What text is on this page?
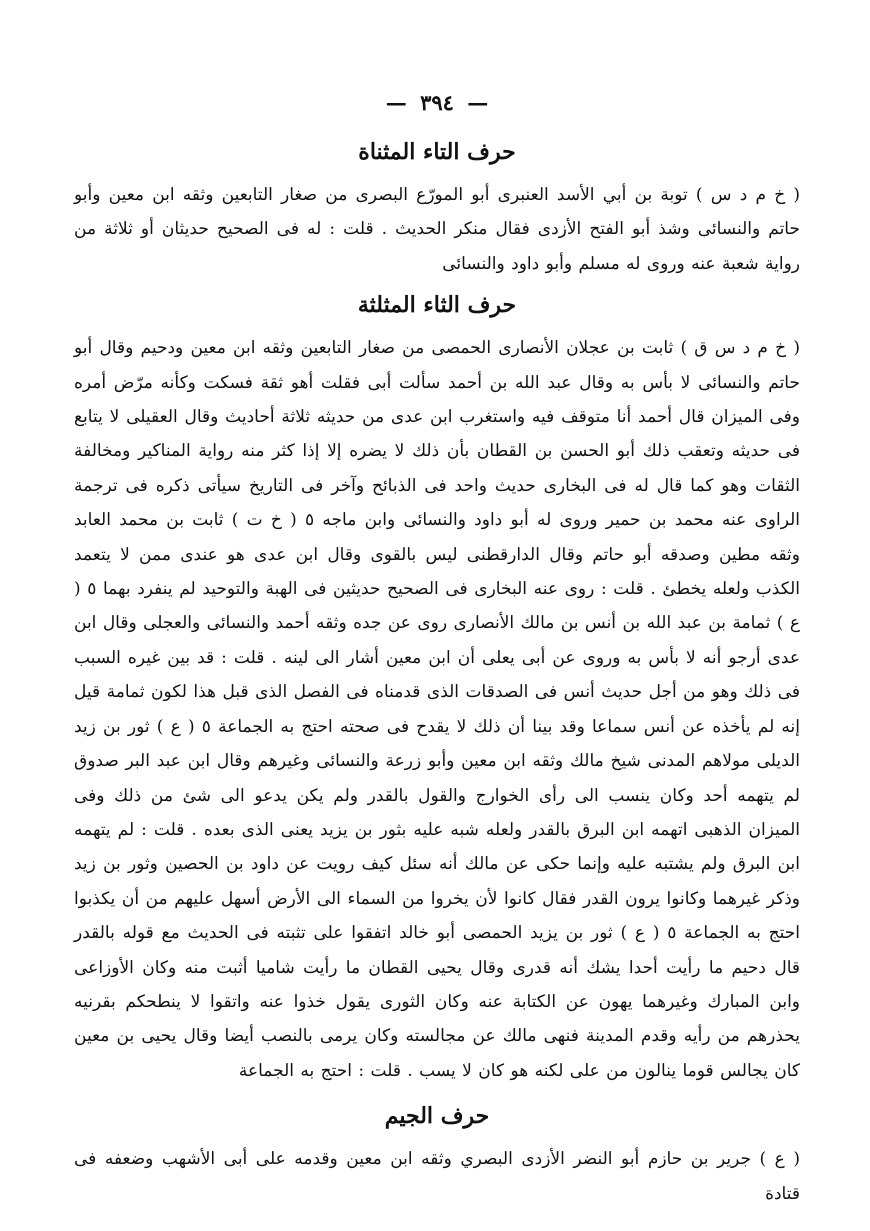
— ٣٩٤ —
حرف التاء المثناة

( خ م د س ) توبة بن أبي الأسد العنبرى أبو المورّع البصرى من صغار التابعين وثقه ابن معين وأبو حاتم والنسائى وشذ أبو الفتح الأزدى فقال منكر الحديث . قلت : له فى الصحيح حديثان أو ثلاثة من رواية شعبة عنه وروى له مسلم وأبو داود والنسائى

حرف الثاء المثلثة

( خ م د س ق ) ثابت بن عجلان الأنصارى الحمصى من صغار التابعين وثقه ابن معين ودحيم وقال أبو حاتم والنسائى لا بأس به وقال عبد الله بن أحمد سألت أبى فقلت أهو ثقة فسكت وكأنه مرّض أمره وفى الميزان قال أحمد أنا متوقف فيه واستغرب ابن عدى من حديثه ثلاثة أحاديث وقال العقيلى لا يتابع فى حديثه وتعقب ذلك أبو الحسن بن القطان بأن ذلك لا يضره إلا إذا كثر منه رواية المناكير ومخالفة الثقات وهو كما قال له فى البخارى حديث واحد فى الذبائح وآخر فى التاريخ سيأتى ذكره فى ترجمة الراوى عنه محمد بن حمير وروى له أبو داود والنسائى وابن ماجه ٥ ( خ ت ) ثابت بن محمد العابد وثقه مطين وصدقه أبو حاتم وقال الدارقطنى ليس بالقوى وقال ابن عدى هو عندى ممن لا يتعمد الكذب ولعله يخطئ . قلت : روى عنه البخارى فى الصحيح حديثين فى الهبة والتوحيد لم ينفرد بهما ٥ ( ع ) ثمامة بن عبد الله بن أنس بن مالك الأنصارى روى عن جده وثقه أحمد والنسائى والعجلى وقال ابن عدى أرجو أنه لا بأس به وروى عن أبى يعلى أن ابن معين أشار الى لينه . قلت : قد بين غيره السبب فى ذلك وهو من أجل حديث أنس فى الصدقات الذى قدمناه فى الفصل الذى قبل هذا لكون ثمامة قيل إنه لم يأخذه عن أنس سماعا وقد بينا أن ذلك لا يقدح فى صحته احتج به الجماعة ٥ ( ع ) ثور بن زيد الديلى مولاهم المدنى شيخ مالك وثقه ابن معين وأبو زرعة والنسائى وغيرهم وقال ابن عبد البر صدوق لم يتهمه أحد وكان ينسب الى رأى الخوارج والقول بالقدر ولم يكن يدعو الى شئ من ذلك وفى الميزان الذهبى اتهمه ابن البرق بالقدر ولعله شبه عليه بثور بن يزيد يعنى الذى بعده . قلت : لم يتهمه ابن البرق ولم يشتبه عليه وإنما حكى عن مالك أنه سئل كيف رويت عن داود بن الحصين وثور بن زيد وذكر غيرهما وكانوا يرون القدر فقال كانوا لأن يخروا من السماء الى الأرض أسهل عليهم من أن يكذبوا احتج به الجماعة ٥ ( ع ) ثور بن يزيد الحمصى أبو خالد اتفقوا على تثبته فى الحديث مع قوله بالقدر قال دحيم ما رأيت أحدا يشك أنه قدرى وقال يحيى القطان ما رأيت شاميا أثبت منه وكان الأوزاعى وابن المبارك وغيرهما يهون عن الكتابة عنه وكان الثورى يقول خذوا عنه واتقوا لا ينطحكم بقرنيه يحذرهم من رأيه وقدم المدينة فنهى مالك عن مجالسته وكان يرمى بالنصب أيضا وقال يحيى بن معين كان يجالس قوما ينالون من على لكنه هو كان لا يسب . قلت : احتج به الجماعة

حرف الجيم

( ع ) جرير بن حازم أبو النضر الأزدى البصري وثقه ابن معين وقدمه على أبى الأشهب وضعفه فى قتادة
